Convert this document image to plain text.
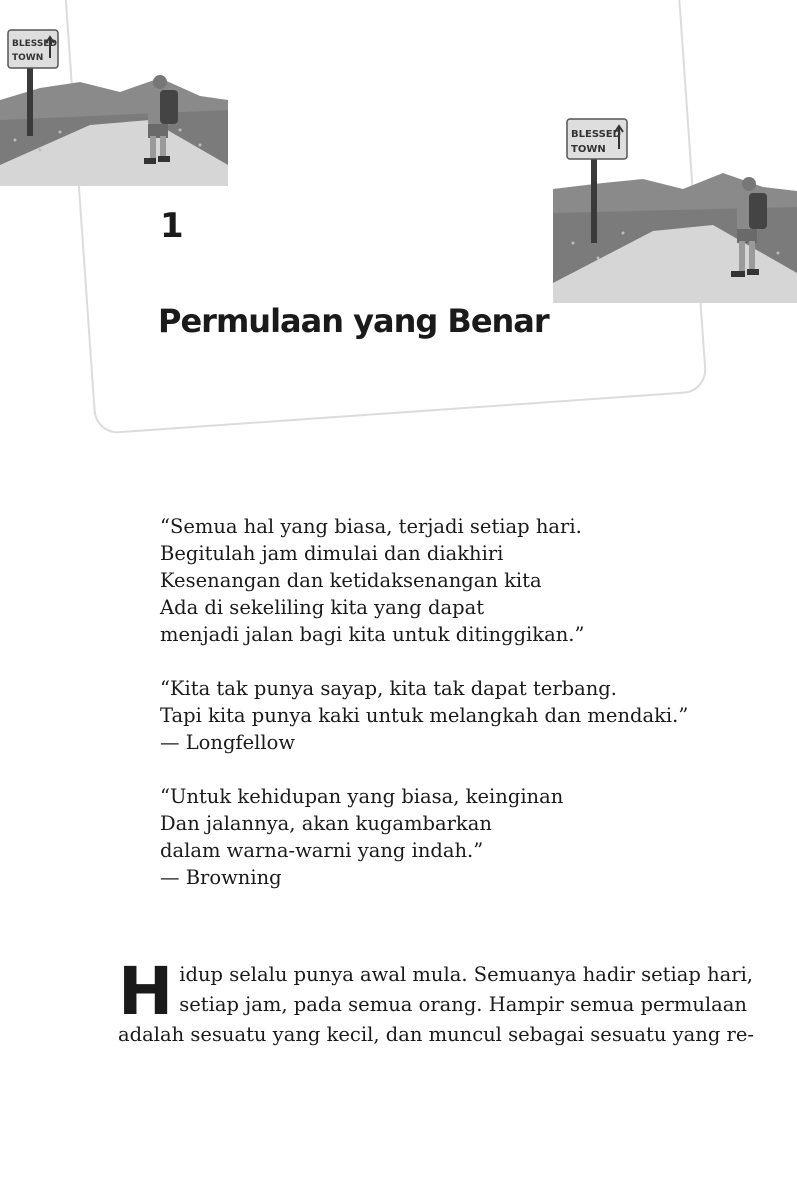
BLESSED
TOWN
BLESSED
TOWN
1
Permulaan yang Benar
“Semua hal yang biasa, terjadi setiap hari.
Begitulah jam dimulai dan diakhiri
Kesenangan dan ketidaksenangan kita
Ada di sekeliling kita yang dapat
menjadi jalan bagi kita untuk ditinggikan.”
“Kita tak punya sayap, kita tak dapat terbang.
Tapi kita punya kaki untuk melangkah dan mendaki.”
— Longfellow
“Untuk kehidupan yang biasa, keinginan
Dan jalannya, akan kugambarkan
dalam warna-warni yang indah.”
— Browning
H idup selalu punya awal mula. Semuanya hadir setiap hari,
setiap jam, pada semua orang. Hampir semua permulaan
adalah sesuatu yang kecil, dan muncul sebagai sesuatu yang re-
